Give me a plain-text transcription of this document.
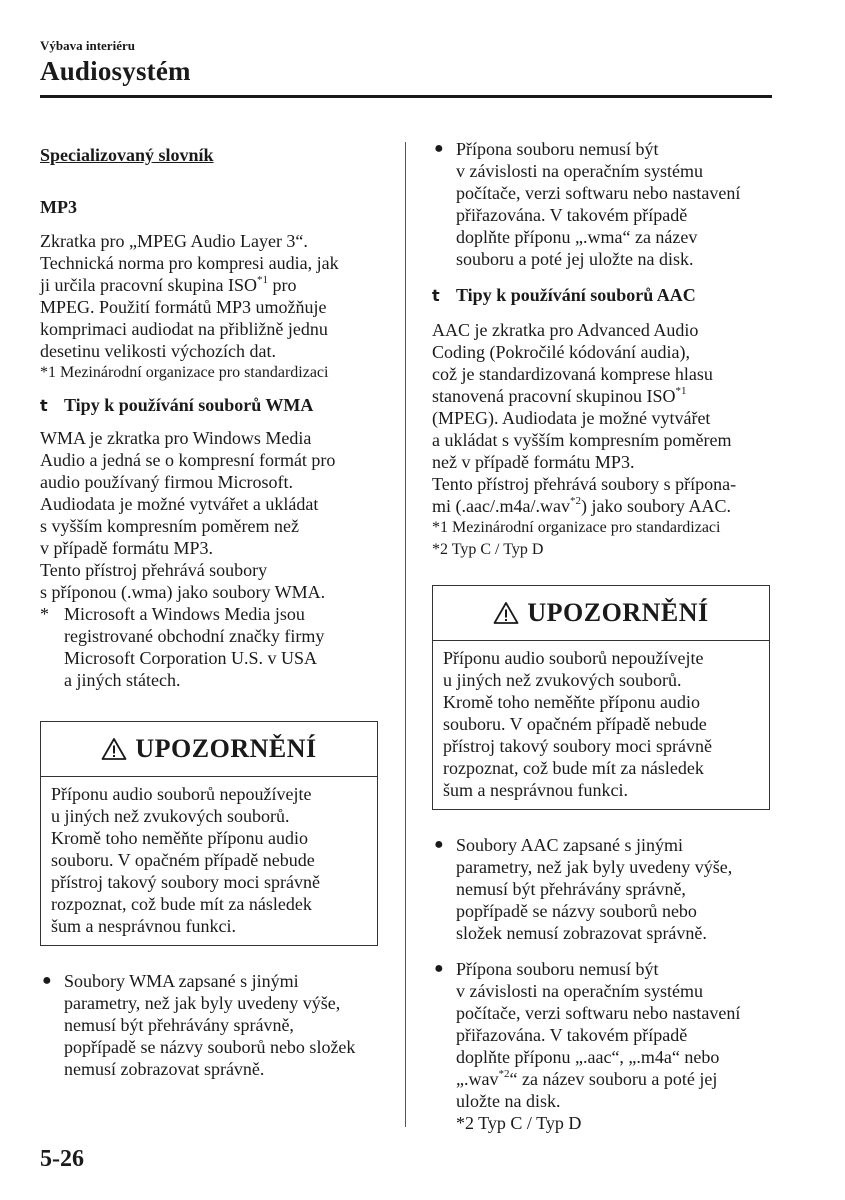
Výbava interiéru
Audiosystém
Specializovaný slovník
MP3
Zkratka pro „MPEG Audio Layer 3“.
Technická norma pro kompresi audia, jak
ji určila pracovní skupina ISO$^{*1}$ pro
MPEG. Použití formátů MP3 umožňuje
komprimaci audiodat na přibližně jednu
desetinu velikosti výchozích dat.
*1 Mezinárodní organizace pro standardizaci
t Tipy k používání souborů WMA
WMA je zkratka pro Windows Media
Audio a jedná se o kompresní formát pro
audio používaný firmou Microsoft.
Audiodata je možné vytvářet a ukládat
s vyšším kompresním poměrem než
v případě formátu MP3.
Tento přístroj přehrává soubory
s příponou (.wma) jako soubory WMA.
* Microsoft a Windows Media jsou
registrované obchodní značky firmy
Microsoft Corporation U.S. v USA
a jiných státech.
UPOZORNĚNÍ
Příponu audio souborů nepoužívejte
u jiných než zvukových souborů.
Kromě toho neměňte příponu audio
souboru. V opačném případě nebude
přístroj takový soubory moci správně
rozpoznat, což bude mít za následek
šum a nesprávnou funkci.
● Soubory WMA zapsané s jinými
parametry, než jak byly uvedeny výše,
nemusí být přehrávány správně,
popřípadě se názvy souborů nebo složek
nemusí zobrazovat správně.
● Přípona souboru nemusí být
v závislosti na operačním systému
počítače, verzi softwaru nebo nastavení
přiřazována. V takovém případě
doplňte příponu „.wma“ za název
souboru a poté jej uložte na disk.
t Tipy k používání souborů AAC
AAC je zkratka pro Advanced Audio
Coding (Pokročilé kódování audia),
což je standardizovaná komprese hlasu
stanovená pracovní skupinou ISO$^{*1}$
(MPEG). Audiodata je možné vytvářet
a ukládat s vyšším kompresním poměrem
než v případě formátu MP3.
Tento přístroj přehrává soubory s přípona-
mi (.aac/.m4a/.wav$^{*2}$) jako soubory AAC.
*1 Mezinárodní organizace pro standardizaci
*2 Typ C / Typ D
UPOZORNĚNÍ
Příponu audio souborů nepoužívejte
u jiných než zvukových souborů.
Kromě toho neměňte příponu audio
souboru. V opačném případě nebude
přístroj takový soubory moci správně
rozpoznat, což bude mít za následek
šum a nesprávnou funkci.
● Soubory AAC zapsané s jinými
parametry, než jak byly uvedeny výše,
nemusí být přehrávány správně,
popřípadě se názvy souborů nebo
složek nemusí zobrazovat správně.
● Přípona souboru nemusí být
v závislosti na operačním systému
počítače, verzi softwaru nebo nastavení
přiřazována. V takovém případě
doplňte příponu „.aac“, „.m4a“ nebo
„.wav$^{*2}$“ za název souboru a poté jej
uložte na disk.
*2 Typ C / Typ D
5-26
